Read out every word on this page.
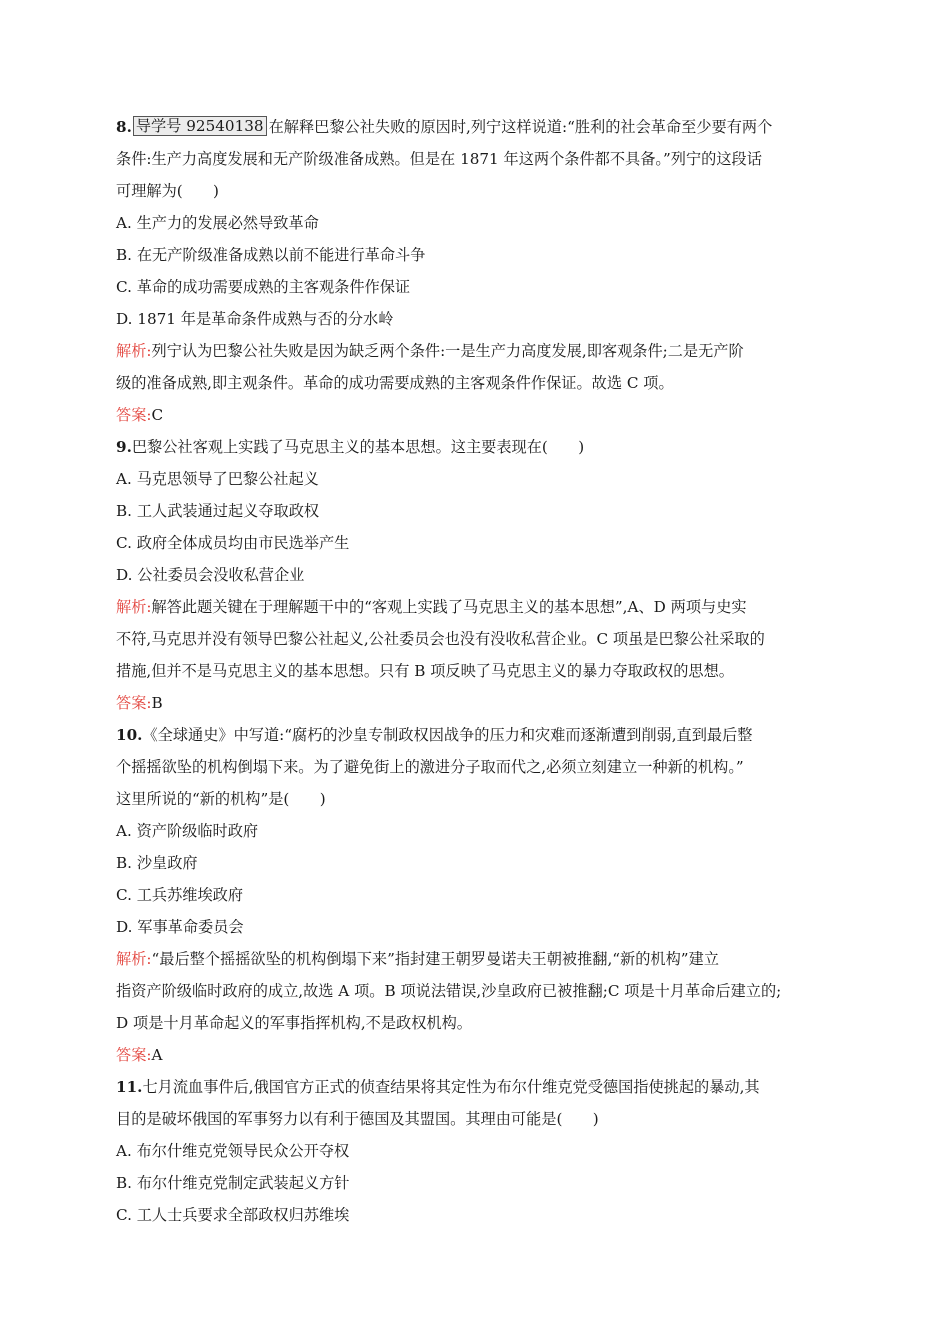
8. 导学号 92540138 在解释巴黎公社失败的原因时,列宁这样说道:“胜利的社会革命至少要有两个
条件:生产力高度发展和无产阶级准备成熟。但是在 1871 年这两个条件都不具备。”列宁的这段话
可理解为(　　)
A. 生产力的发展必然导致革命
B. 在无产阶级准备成熟以前不能进行革命斗争
C. 革命的成功需要成熟的主客观条件作保证
D. 1871 年是革命条件成熟与否的分水岭
解析:列宁认为巴黎公社失败是因为缺乏两个条件:一是生产力高度发展,即客观条件;二是无产阶
级的准备成熟,即主观条件。革命的成功需要成熟的主客观条件作保证。故选 C 项。
答案:C
9.巴黎公社客观上实践了马克思主义的基本思想。这主要表现在(　　)
A. 马克思领导了巴黎公社起义
B. 工人武装通过起义夺取政权
C. 政府全体成员均由市民选举产生
D. 公社委员会没收私营企业
解析:解答此题关键在于理解题干中的“客观上实践了马克思主义的基本思想”,A、D 两项与史实
不符,马克思并没有领导巴黎公社起义,公社委员会也没有没收私营企业。C 项虽是巴黎公社采取的
措施,但并不是马克思主义的基本思想。只有 B 项反映了马克思主义的暴力夺取政权的思想。
答案:B
10.《全球通史》中写道:“腐朽的沙皇专制政权因战争的压力和灾难而逐渐遭到削弱,直到最后整
个摇摇欲坠的机构倒塌下来。为了避免街上的激进分子取而代之,必须立刻建立一种新的机构。”
这里所说的“新的机构”是(　　)
A. 资产阶级临时政府
B. 沙皇政府
C. 工兵苏维埃政府
D. 军事革命委员会
解析:“最后整个摇摇欲坠的机构倒塌下来”指封建王朝罗曼诺夫王朝被推翻,“新的机构”建立
指资产阶级临时政府的成立,故选 A 项。B 项说法错误,沙皇政府已被推翻;C 项是十月革命后建立的;
D 项是十月革命起义的军事指挥机构,不是政权机构。
答案:A
11.七月流血事件后,俄国官方正式的侦查结果将其定性为布尔什维克党受德国指使挑起的暴动,其
目的是破坏俄国的军事努力以有利于德国及其盟国。其理由可能是(　　)
A. 布尔什维克党领导民众公开夺权
B. 布尔什维克党制定武装起义方针
C. 工人士兵要求全部政权归苏维埃
